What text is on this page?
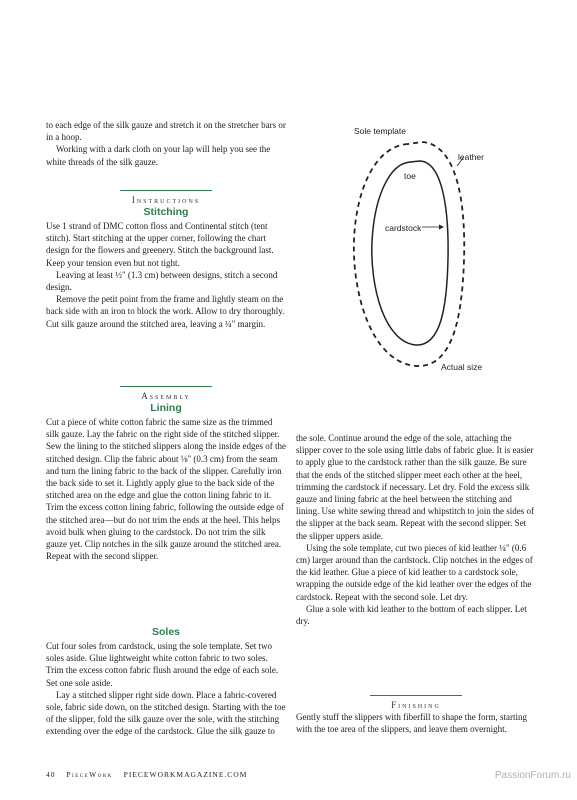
to each edge of the silk gauze and stretch it on the stretcher bars or in a hoop.

Working with a dark cloth on your lap will help you see the white threads of the silk gauze.

Instructions

Stitching

Use 1 strand of DMC cotton floss and Continental stitch (tent stitch). Start stitching at the upper corner, following the chart design for the flowers and greenery. Stitch the background last. Keep your tension even but not tight.

Leaving at least ½" (1.3 cm) between designs, stitch a second design.

Remove the petit point from the frame and lightly steam on the back side with an iron to block the work. Allow to dry thoroughly. Cut silk gauze around the stitched area, leaving a ¼" margin.

Sole template
leather
toe
cardstock
Actual size

Assembly

Lining

Cut a piece of white cotton fabric the same size as the trimmed silk gauze. Lay the fabric on the right side of the stitched slipper. Sew the lining to the stitched slippers along the inside edges of the stitched design. Clip the fabric about ⅛" (0.3 cm) from the seam and turn the lining fabric to the back of the slipper. Carefully iron the back side to set it. Lightly apply glue to the back side of the stitched area on the edge and glue the cotton lining fabric to it. Trim the excess cotton lining fabric, following the outside edge of the stitched area—but do not trim the ends at the heel. This helps avoid bulk when gluing to the cardstock. Do not trim the silk gauze yet. Clip notches in the silk gauze around the stitched area. Repeat with the second slipper.

Soles

Cut four soles from cardstock, using the sole template. Set two soles aside. Glue lightweight white cotton fabric to two soles. Trim the excess cotton fabric flush around the edge of each sole. Set one sole aside.

Lay a stitched slipper right side down. Place a fabric-covered sole, fabric side down, on the stitched design. Starting with the toe of the slipper, fold the silk gauze over the sole, with the stitching extending over the edge of the cardstock. Glue the silk gauze to

the sole. Continue around the edge of the sole, attaching the slipper cover to the sole using little dabs of fabric glue. It is easier to apply glue to the cardstock rather than the silk gauze. Be sure that the ends of the stitched slipper meet each other at the heel, trimming the cardstock if necessary. Let dry. Fold the excess silk gauze and lining fabric at the heel between the stitching and lining. Use white sewing thread and whipstitch to join the sides of the slipper at the back seam. Repeat with the second slipper. Set the slipper uppers aside.

Using the sole template, cut two pieces of kid leather ¼" (0.6 cm) larger around than the cardstock. Clip notches in the edges of the kid leather. Glue a piece of kid leather to a cardstock sole, wrapping the outside edge of the kid leather over the edges of the cardstock. Repeat with the second sole. Let dry.

Glue a sole with kid leather to the bottom of each slipper. Let dry.

Finishing

Gently stuff the slippers with fiberfill to shape the form, starting with the toe area of the slippers, and leave them overnight.

40 PieceWork PIECEWORKMAGAZINE.COM	PassionForum.ru
